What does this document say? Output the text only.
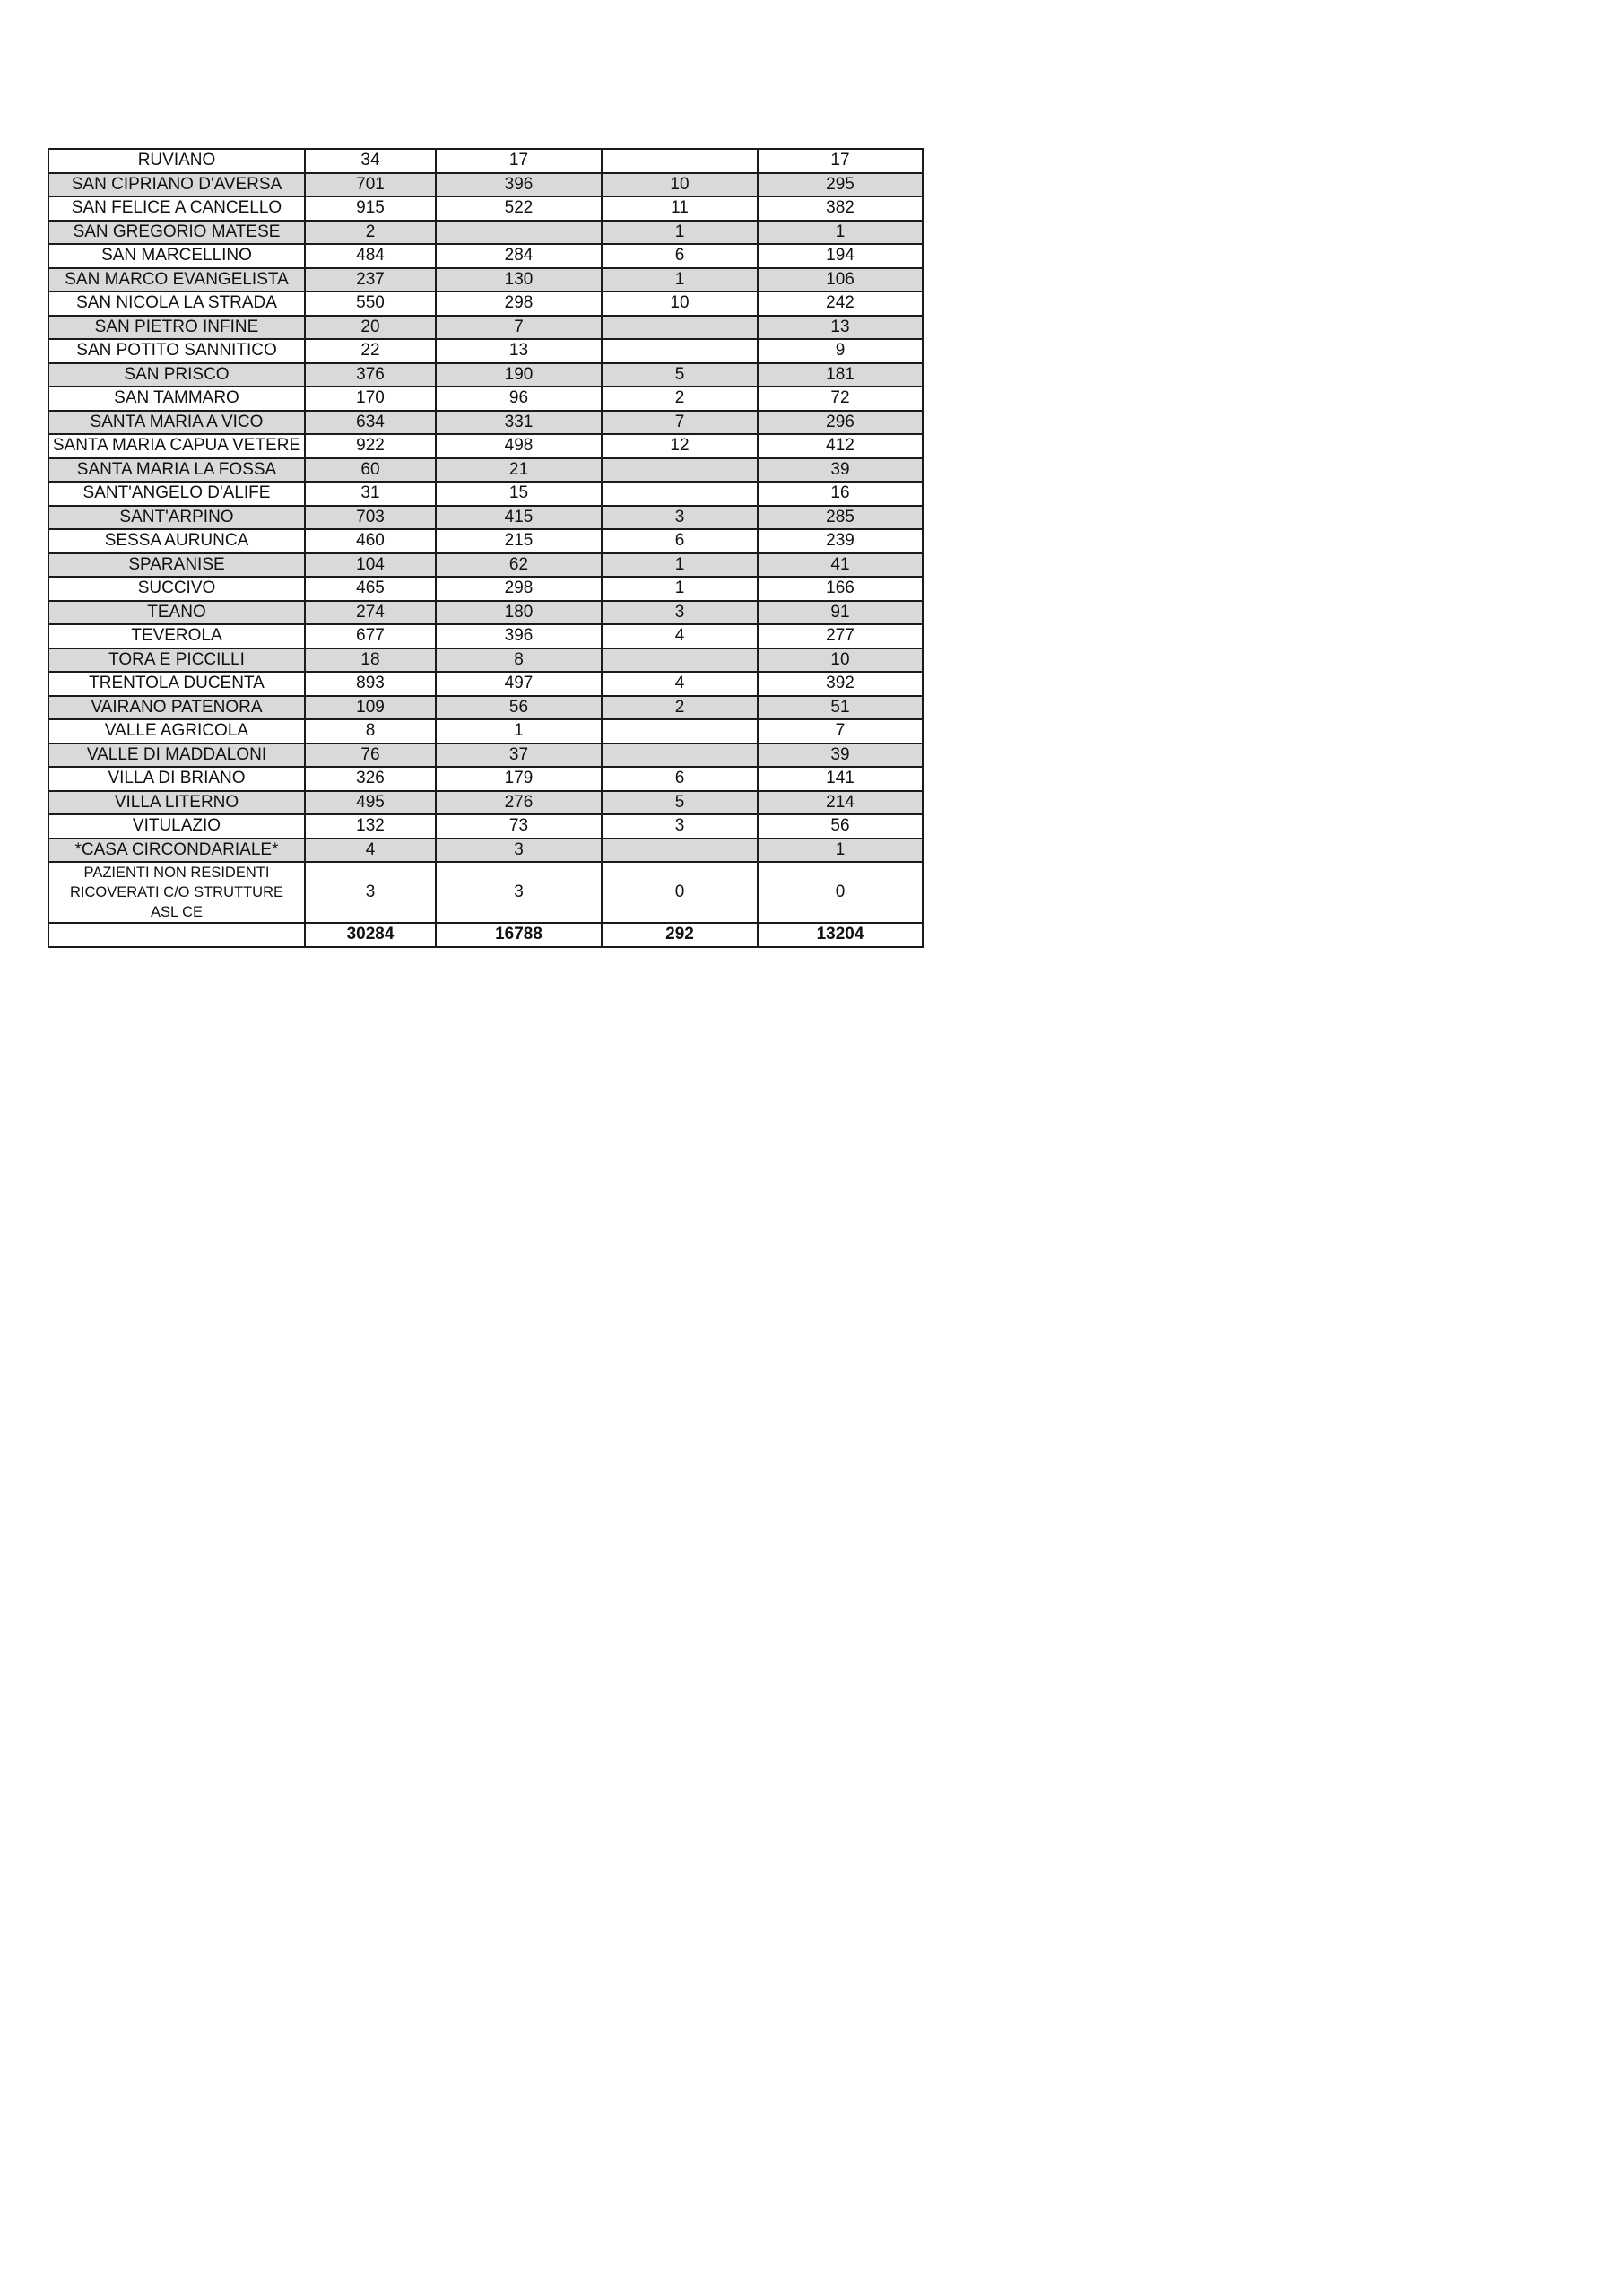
RUVIANO	34	17		17
SAN CIPRIANO D'AVERSA	701	396	10	295
SAN FELICE A CANCELLO	915	522	11	382
SAN GREGORIO MATESE	2		1	1
SAN MARCELLINO	484	284	6	194
SAN MARCO EVANGELISTA	237	130	1	106
SAN NICOLA LA STRADA	550	298	10	242
SAN PIETRO INFINE	20	7		13
SAN POTITO SANNITICO	22	13		9
SAN PRISCO	376	190	5	181
SAN TAMMARO	170	96	2	72
SANTA MARIA A VICO	634	331	7	296
SANTA MARIA CAPUA VETERE	922	498	12	412
SANTA MARIA LA FOSSA	60	21		39
SANT'ANGELO D'ALIFE	31	15		16
SANT'ARPINO	703	415	3	285
SESSA AURUNCA	460	215	6	239
SPARANISE	104	62	1	41
SUCCIVO	465	298	1	166
TEANO	274	180	3	91
TEVEROLA	677	396	4	277
TORA E PICCILLI	18	8		10
TRENTOLA DUCENTA	893	497	4	392
VAIRANO PATENORA	109	56	2	51
VALLE AGRICOLA	8	1		7
VALLE DI MADDALONI	76	37		39
VILLA DI BRIANO	326	179	6	141
VILLA LITERNO	495	276	5	214
VITULAZIO	132	73	3	56
*CASA CIRCONDARIALE*	4	3		1
PAZIENTI NON RESIDENTI RICOVERATI C/O STRUTTURE ASL CE	3	3	0	0
	30284	16788	292	13204
